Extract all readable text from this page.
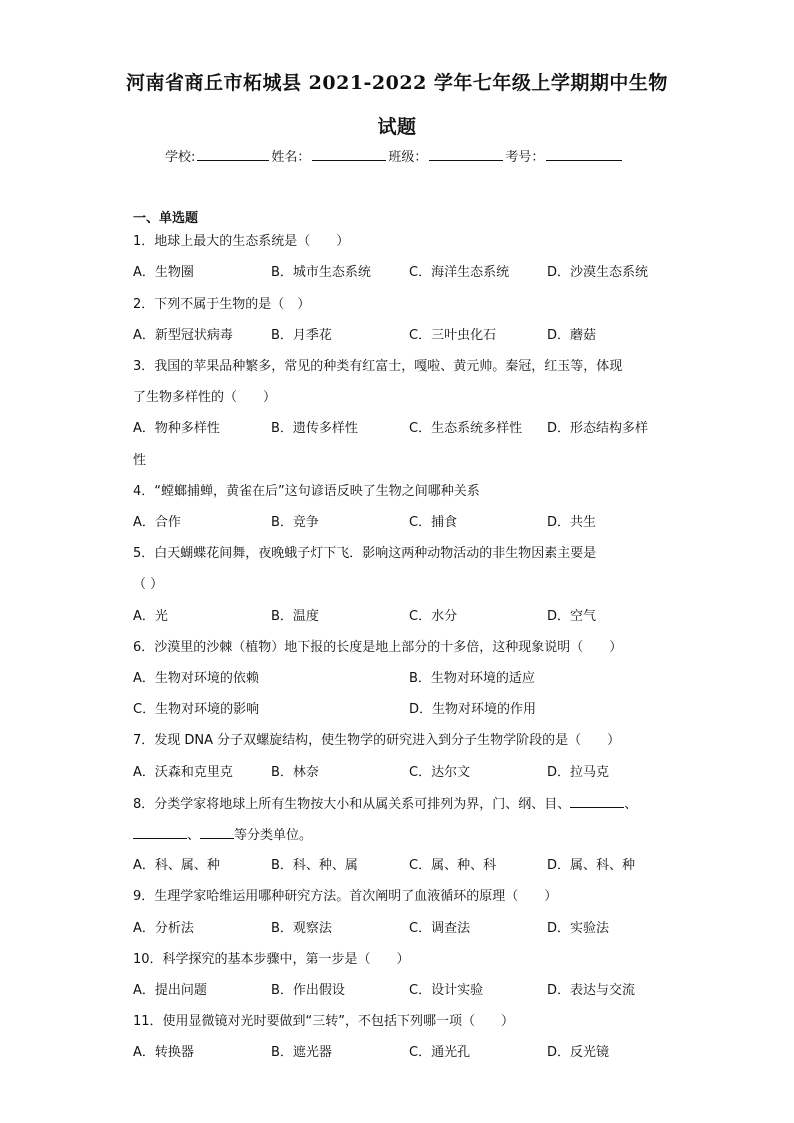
河南省商丘市柘城县 2021-2022 学年七年级上学期期中生物
试题
学校:	姓名：	班级：	考号：
一、单选题
1．地球上最大的生态系统是（　　）
A．生物圈	B．城市生态系统	C．海洋生态系统	D．沙漠生态系统
2．下列不属于生物的是（　）
A．新型冠状病毒	B．月季花	C．三叶虫化石	D．蘑菇
3．我国的苹果品种繁多，常见的种类有红富士，嘎啦、黄元帅。秦冠，红玉等，体现
了生物多样性的（　　）
A．物种多样性	B．遗传多样性	C．生态系统多样性 D．形态结构多样
性
4．“螳螂捕蝉，黄雀在后”这句谚语反映了生物之间哪种关系
A．合作	B．竞争	C．捕食	D．共生
5．白天蝴蝶花间舞，夜晚蛾子灯下飞．影响这两种动物活动的非生物因素主要是
（ ）
A．光	B．温度	C．水分	D．空气
6．沙漠里的沙棘（植物）地下报的长度是地上部分的十多倍，这种现象说明（　　）
A．生物对环境的依赖	B．生物对环境的适应
C．生物对环境的影响	D．生物对环境的作用
7．发现 DNA 分子双螺旋结构，使生物学的研究进入到分子生物学阶段的是（　　）
A．沃森和克里克	B．林奈	C．达尔文	D．拉马克
8．分类学家将地球上所有生物按大小和从属关系可排列为界，门、纲、目、	、
、	等分类单位。
A．科、属、种	B．科、种、属	C．属、种、科	D．属、科、种
9．生理学家哈维运用哪种研究方法。首次阐明了血液循环的原理（　　）
A．分析法	B．观察法	C．调查法	D．实验法
10．科学探究的基本步骤中，第一步是（　　）
A．提出问题	B．作出假设	C．设计实验	D．表达与交流
11．使用显微镜对光时要做到“三转”，不包括下列哪一项（　　）
A．转换器	B．遮光器	C．通光孔	D．反光镜
